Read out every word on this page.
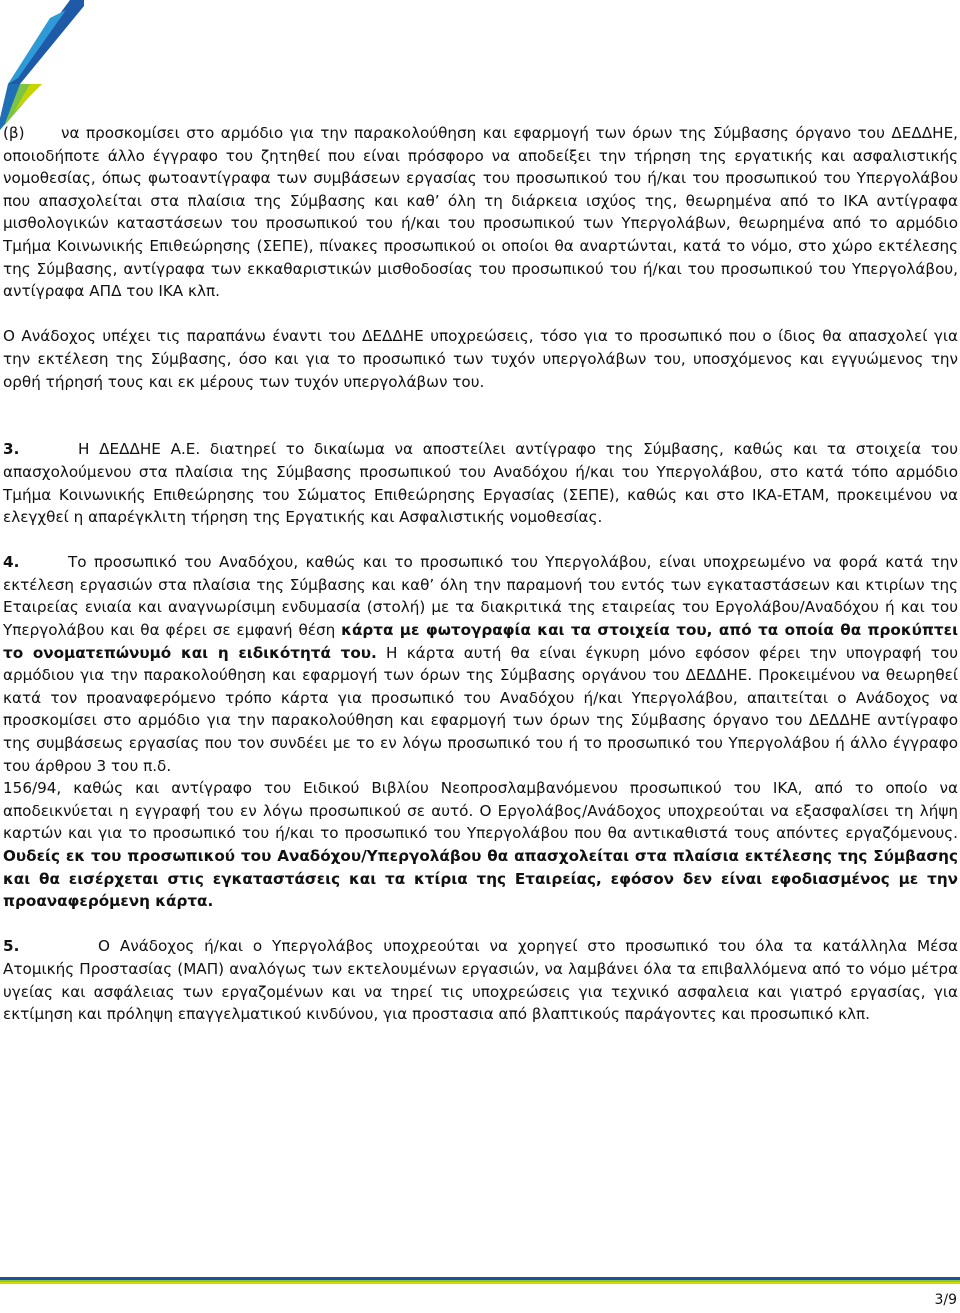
(β) να προσκομίσει στο αρμόδιο για την παρακολούθηση και εφαρμογή των όρων της Σύμβασης όργανο του ΔΕΔΔΗΕ, οποιοδήποτε άλλο έγγραφο του ζητηθεί που είναι πρόσφορο να αποδείξει την τήρηση της εργατικής και ασφαλιστικής νομοθεσίας, όπως φωτοαντίγραφα των συμβάσεων εργασίας του προσωπικού του ή/και του προσωπικού του Υπεργολάβου που απασχολείται στα πλαίσια της Σύμβασης και καθ’ όλη τη διάρκεια ισχύος της, θεωρημένα από το ΙΚΑ αντίγραφα μισθολογικών καταστάσεων του προσωπικού του ή/και του προσωπικού των Υπεργολάβων, θεωρημένα από το αρμόδιο Τμήμα Κοινωνικής Επιθεώρησης (ΣΕΠΕ), πίνακες προσωπικού οι οποίοι θα αναρτώνται, κατά το νόμο, στο χώρο εκτέλεσης της Σύμβασης, αντίγραφα των εκκαθαριστικών μισθοδοσίας του προσωπικού του ή/και του προσωπικού του Υπεργολάβου, αντίγραφα ΑΠΔ του ΙΚΑ κλπ.

Ο Ανάδοχος υπέχει τις παραπάνω έναντι του ΔΕΔΔΗΕ υποχρεώσεις, τόσο για το προσωπικό που ο ίδιος θα απασχολεί για την εκτέλεση της Σύμβασης, όσο και για το προσωπικό των τυχόν υπεργολάβων του, υποσχόμενος και εγγυώμενος την ορθή τήρησή τους και εκ μέρους των τυχόν υπεργολάβων του.

3.	Η ΔΕΔΔΗΕ Α.Ε. διατηρεί το δικαίωμα να αποστείλει αντίγραφο της Σύμβασης, καθώς και τα στοιχεία του απασχολούμενου στα πλαίσια της Σύμβασης προσωπικού του Αναδόχου ή/και του Υπεργολάβου, στο κατά τόπο αρμόδιο Τμήμα Κοινωνικής Επιθεώρησης του Σώματος Επιθεώρησης Εργασίας (ΣΕΠΕ), καθώς και στο ΙΚΑ-ΕΤΑΜ, προκειμένου να ελεγχθεί η απαρέγκλιτη τήρηση της Εργατικής και Ασφαλιστικής νομοθεσίας.

4.	Το προσωπικό του Αναδόχου, καθώς και το προσωπικό του Υπεργολάβου, είναι υποχρεωμένο να φορά κατά την εκτέλεση εργασιών στα πλαίσια της Σύμβασης και καθ’ όλη την παραμονή του εντός των εγκαταστάσεων και κτιρίων της Εταιρείας ενιαία και αναγνωρίσιμη ενδυμασία (στολή) με τα διακριτικά της εταιρείας του Εργολάβου/Αναδόχου ή και του Υπεργολάβου και θα φέρει σε εμφανή θέση κάρτα με φωτογραφία και τα στοιχεία του, από τα οποία θα προκύπτει το ονοματεπώνυμό και η ειδικότητά του. Η κάρτα αυτή θα είναι έγκυρη μόνο εφόσον φέρει την υπογραφή του αρμόδιου για την παρακολούθηση και εφαρμογή των όρων της Σύμβασης οργάνου του ΔΕΔΔΗΕ. Προκειμένου να θεωρηθεί κατά τον προαναφερόμενο τρόπο κάρτα για προσωπικό του Αναδόχου ή/και Υπεργολάβου, απαιτείται ο Ανάδοχος να προσκομίσει στο αρμόδιο για την παρακολούθηση και εφαρμογή των όρων της Σύμβασης όργανο του ΔΕΔΔΗΕ αντίγραφο της συμβάσεως εργασίας που τον συνδέει με το εν λόγω προσωπικό του ή το προσωπικό του Υπεργολάβου ή άλλο έγγραφο του άρθρου 3 του π.δ.

156/94, καθώς και αντίγραφο του Ειδικού Βιβλίου Νεοπροσλαμβανόμενου προσωπικού του ΙΚΑ, από το οποίο να αποδεικνύεται η εγγραφή του εν λόγω προσωπικού σε αυτό. Ο Εργολάβος/Ανάδοχος υποχρεούται να εξασφαλίσει τη λήψη καρτών και για το προσωπικό του ή/και το προσωπικό του Υπεργολάβου που θα αντικαθιστά τους απόντες εργαζόμενους. Ουδείς εκ του προσωπικού του Αναδόχου/Υπεργολάβου θα απασχολείται στα πλαίσια εκτέλεσης της Σύμβασης και θα εισέρχεται στις εγκαταστάσεις και τα κτίρια της Εταιρείας, εφόσον δεν είναι εφοδιασμένος με την προαναφερόμενη κάρτα.

5.	Ο Ανάδοχος ή/και ο Υπεργολάβος υποχρεούται να χορηγεί στο προσωπικό του όλα τα κατάλληλα Μέσα Ατομικής Προστασίας (ΜΑΠ) αναλόγως των εκτελουμένων εργασιών, να λαμβάνει όλα τα επιβαλλόμενα από το νόμο μέτρα υγείας και ασφάλειας των εργαζομένων και να τηρεί τις υποχρεώσεις για τεχνικό ασφαλεια και γιατρό εργασίας, για εκτίμηση και πρόληψη επαγγελματικού κινδύνου, για προστασια από βλαπτικούς παράγοντες και προσωπικό κλπ.

3/9
